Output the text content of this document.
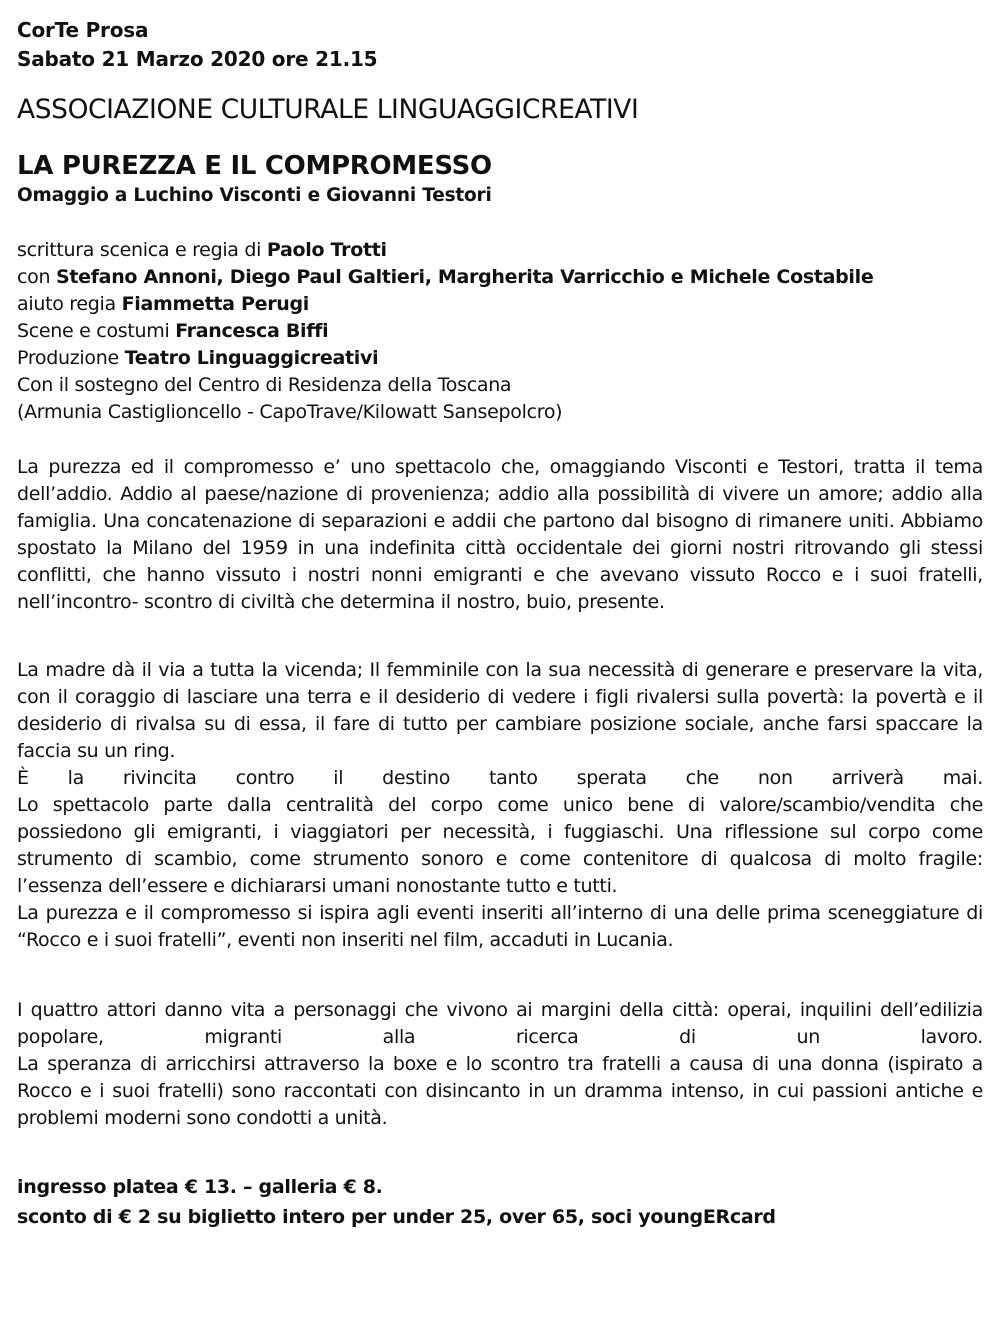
CorTe Prosa
Sabato 21 Marzo 2020 ore 21.15
ASSOCIAZIONE CULTURALE LINGUAGGICREATIVI
LA PUREZZA E IL COMPROMESSO
Omaggio a Luchino Visconti e Giovanni Testori
scrittura scenica e regia di Paolo Trotti
con Stefano Annoni, Diego Paul Galtieri, Margherita Varricchio e Michele Costabile
aiuto regia Fiammetta Perugi
Scene e costumi Francesca Biffi
Produzione Teatro Linguaggicreativi
Con il sostegno del Centro di Residenza della Toscana
(Armunia Castiglioncello - CapoTrave/Kilowatt Sansepolcro)

La purezza ed il compromesso e’ uno spettacolo che, omaggiando Visconti e Testori, tratta il tema dell’addio. Addio al paese/nazione di provenienza; addio alla possibilità di vivere un amore; addio alla famiglia. Una concatenazione di separazioni e addii che partono dal bisogno di rimanere uniti. Abbiamo spostato la Milano del 1959 in una indefinita città occidentale dei giorni nostri ritrovando gli stessi conflitti, che hanno vissuto i nostri nonni emigranti e che avevano vissuto Rocco e i suoi fratelli, nell’incontro- scontro di civiltà che determina il nostro, buio, presente.

La madre dà il via a tutta la vicenda; Il femminile con la sua necessità di generare e preservare la vita, con il coraggio di lasciare una terra e il desiderio di vedere i figli rivalersi sulla povertà: la povertà e il desiderio di rivalsa su di essa, il fare di tutto per cambiare posizione sociale, anche farsi spaccare la faccia su un ring.

È la rivincita contro il destino tanto sperata che non arriverà mai.

Lo spettacolo parte dalla centralità del corpo come unico bene di valore/scambio/vendita che possiedono gli emigranti, i viaggiatori per necessità, i fuggiaschi. Una riflessione sul corpo come strumento di scambio, come strumento sonoro e come contenitore di qualcosa di molto fragile: l’essenza dell’essere e dichiararsi umani nonostante tutto e tutti.

La purezza e il compromesso si ispira agli eventi inseriti all’interno di una delle prima sceneggiature di “Rocco e i suoi fratelli”, eventi non inseriti nel film, accaduti in Lucania.

I quattro attori danno vita a personaggi che vivono ai margini della città: operai, inquilini dell’edilizia popolare, migranti alla ricerca di un lavoro.

La speranza di arricchirsi attraverso la boxe e lo scontro tra fratelli a causa di una donna (ispirato a Rocco e i suoi fratelli) sono raccontati con disincanto in un dramma intenso, in cui passioni antiche e problemi moderni sono condotti a unità.

ingresso platea € 13. – galleria € 8.
sconto di € 2 su biglietto intero per under 25, over 65, soci youngERcard
